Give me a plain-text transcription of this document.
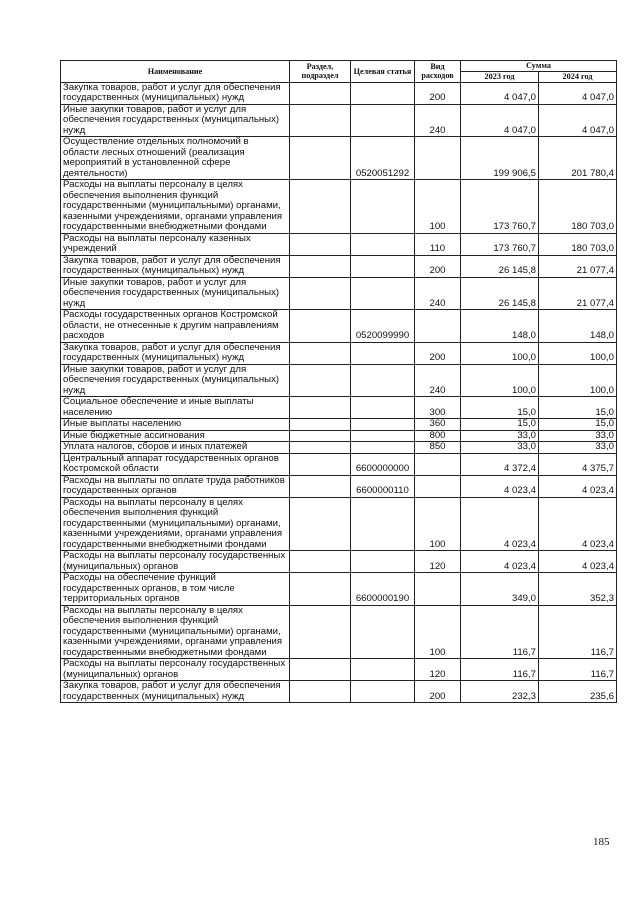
Наименование	Раздел, подраздел	Целевая статья	Вид расходов	Сумма	
				2023 год	2024 год
Закупка товаров, работ и услуг для обеспечения государственных (муниципальных) нужд			200	4 047,0	4 047,0
Иные закупки товаров, работ и услуг для обеспечения государственных (муниципальных) нужд			240	4 047,0	4 047,0
Осуществление отдельных полномочий в области лесных отношений (реализация мероприятий в установленной сфере деятельности)		0520051292		199 906,5	201 780,4
Расходы на выплаты персоналу в целях обеспечения выполнения функций государственными (муниципальными) органами, казенными учреждениями, органами управления государственными внебюджетными фондами			100	173 760,7	180 703,0
Расходы на выплаты персоналу казенных учреждений			110	173 760,7	180 703,0
Закупка товаров, работ и услуг для обеспечения государственных (муниципальных) нужд			200	26 145,8	21 077,4
Иные закупки товаров, работ и услуг для обеспечения государственных (муниципальных) нужд			240	26 145,8	21 077,4
Расходы государственных органов Костромской области, не отнесенные к другим направлениям расходов		0520099990		148,0	148,0
Закупка товаров, работ и услуг для обеспечения государственных (муниципальных) нужд			200	100,0	100,0
Иные закупки товаров, работ и услуг для обеспечения государственных (муниципальных) нужд			240	100,0	100,0
Социальное обеспечение и иные выплаты населению			300	15,0	15,0
Иные выплаты населению			360	15,0	15,0
Иные бюджетные ассигнования			800	33,0	33,0
Уплата налогов, сборов и иных платежей			850	33,0	33,0
Центральный аппарат государственных органов Костромской области		6600000000		4 372,4	4 375,7
Расходы на выплаты по оплате труда работников государственных органов		6600000110		4 023,4	4 023,4
Расходы на выплаты персоналу в целях обеспечения выполнения функций государственными (муниципальными) органами, казенными учреждениями, органами управления государственными внебюджетными фондами			100	4 023,4	4 023,4
Расходы на выплаты персоналу государственных (муниципальных) органов			120	4 023,4	4 023,4
Расходы на обеспечение функций государственных органов, в том числе территориальных органов		6600000190		349,0	352,3
Расходы на выплаты персоналу в целях обеспечения выполнения функций государственными (муниципальными) органами, казенными учреждениями, органами управления государственными внебюджетными фондами			100	116,7	116,7
Расходы на выплаты персоналу государственных (муниципальных) органов			120	116,7	116,7
Закупка товаров, работ и услуг для обеспечения государственных (муниципальных) нужд			200	232,3	235,6
185
